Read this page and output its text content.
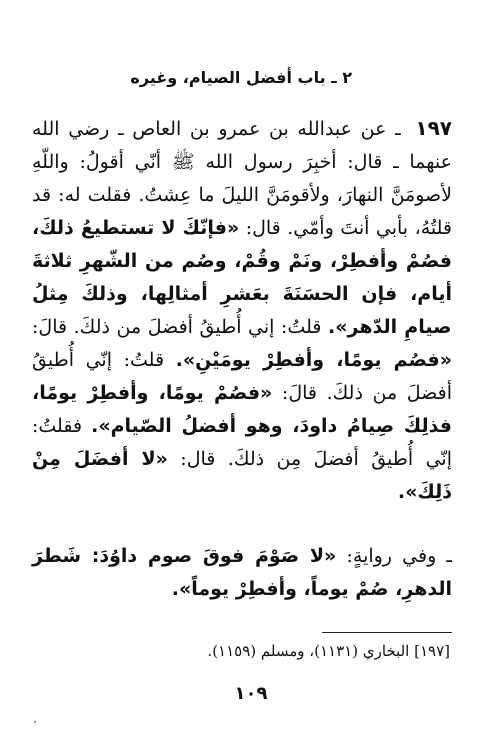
٢ ـ باب أفضل الصيام، وغيره
١٩٧ ـ عن عبدالله بن عمرو بن العاص ـ رضي الله عنهما ـ قال: أخبِرَ رسول الله ﷺ أنّي أقولُ: واللّهِ لأصومَنَّ النهارَ، ولأقومَنَّ الليلَ ما عِشتُ. فقلت له: قد قلتُهُ، بأبي أنتَ وأمّي. قال: «فإنّكَ لا تستطيعُ ذلكَ، فصُمْ وأفطِرْ، ونَمْ وقُمْ، وصُم من الشّهرِ ثلاثةَ أيام، فإن الحسَنَةَ بعَشرِ أمثالِها، وذلكَ مِثلُ صيامِ الدّهر». قلتُ: إني أُطيقُ أفضلَ من ذلكَ. قالَ: «فصُم يومًا، وأفطِرْ يومَيْنِ». قلتُ: إنّي أُطيقُ أفضلَ من ذلكَ. قالَ: «فصُمْ يومًا، وأفطِرْ يومًا، فذلِكَ صِيامُ داودَ، وهو أفضلُ الصّيام». فقلتُ: إنّي أُطيقُ أفضلَ مِن ذلكَ. قال: «لا أفضَلَ مِنْ ذَلِكَ».
ـ وفي روايةٍ: «لا صَوْمَ فوقَ صوم داوُدَ: شَطرَ الدهرِ، صُمْ يوماً، وأفطِرْ يوماً».
[١٩٧] البخاري (١١٣١)، ومسلم (١١٥٩).
١٠٩
